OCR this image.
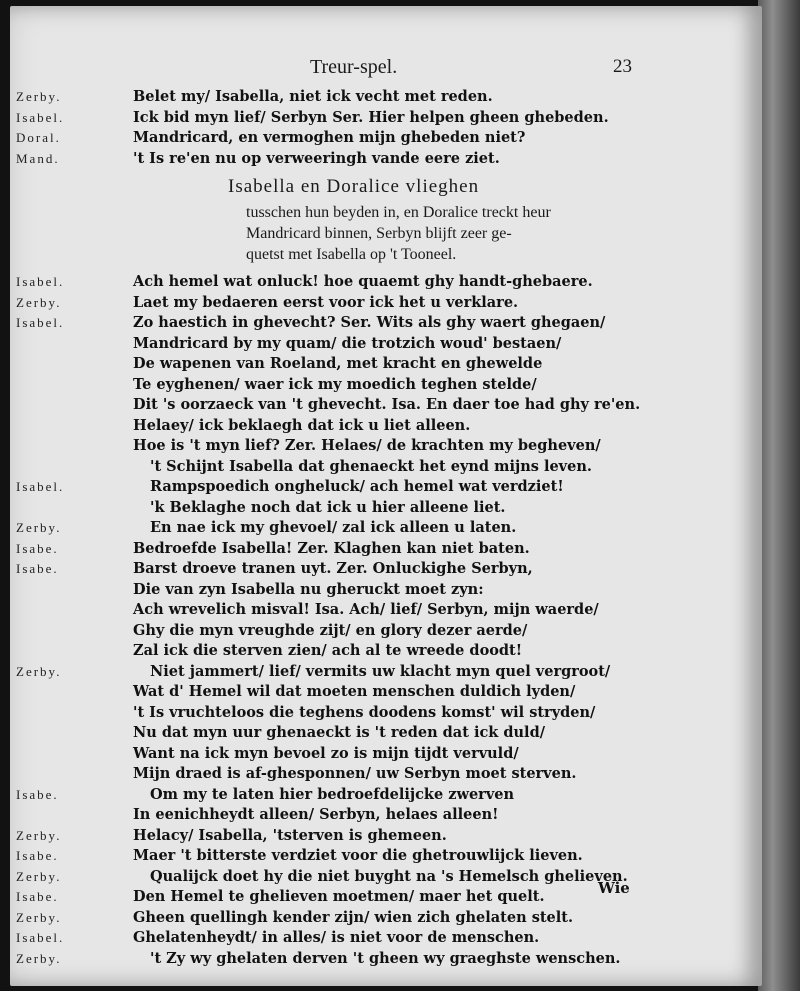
Treur-spel.	23
Zerby.	Belet my/ Isabella, niet ick vecht met reden.
Isabel.	Ick bid myn lief/ Serbyn Ser. Hier helpen gheen ghebeden.
Doral.	Mandricard, en vermoghen mijn ghebeden niet?
Mand.	't Is re'en nu op verweeringh vande eere ziet.
Isabella en Doralice vlieghen
tusschen hun beyden in, en Doralice treckt heur
Mandricard binnen, Serbyn blijft zeer ge-
quetst met Isabella op 't Tooneel.
Isabel.	Ach hemel wat onluck! hoe quaemt ghy handt-ghebaere.
Zerby.	Laet my bedaeren eerst voor ick het u verklare.
Isabel.	Zo haestich in ghevecht? Ser. Wits als ghy waert ghegaen/
Mandricard by my quam/ die trotzich woud' bestaen/
De wapenen van Roeland, met kracht en ghewelde
Te eyghenen/ waer ick my moedich teghen stelde/
Dit 's oorzaeck van 't ghevecht. Isa. En daer toe had ghy re'en.
Helaey/ ick beklaegh dat ick u liet alleen.
Hoe is 't myn lief? Zer. Helaes/ de krachten my begheven/
't Schijnt Isabella dat ghenaeckt het eynd mijns leven.
Isabel.	Rampspoedich ongheluck/ ach hemel wat verdziet!
'k Beklaghe noch dat ick u hier alleene liet.
Zerby.	En nae ick my ghevoel/ zal ick alleen u laten.
Isabe.	Bedroefde Isabella! Zer. Klaghen kan niet baten.
Isabe.	Barst droeve tranen uyt. Zer. Onluckighe Serbyn,
Die van zyn Isabella nu gheruckt moet zyn:
Ach wrevelich misval! Isa. Ach/ lief/ Serbyn, mijn waerde/
Ghy die myn vreughde zijt/ en glory dezer aerde/
Zal ick die sterven zien/ ach al te wreede doodt!
Zerby.	Niet jammert/ lief/ vermits uw klacht myn quel vergroot/
Wat d' Hemel wil dat moeten menschen duldich lyden/
't Is vruchteloos die teghens doodens komst' wil stryden/
Nu dat myn uur ghenaeckt is 't reden dat ick duld/
Want na ick myn bevoel zo is mijn tijdt vervuld/
Mijn draed is af-ghesponnen/ uw Serbyn moet sterven.
Isabe.	Om my te laten hier bedroefdelijcke zwerven
In eenichheydt alleen/ Serbyn, helaes alleen!
Zerby.	Helacy/ Isabella, 'tsterven is ghemeen.
Isabe.	Maer 't bitterste verdziet voor die ghetrouwlijck lieven.
Zerby.	Qualijck doet hy die niet buyght na 's Hemelsch ghelieven.
Isabe.	Den Hemel te ghelieven moetmen/ maer het quelt.
Zerby.	Gheen quellingh kender zijn/ wien zich ghelaten stelt.
Isabel.	Ghelatenheydt/ in alles/ is niet voor de menschen.
Zerby.	't Zy wy ghelaten derven 't gheen wy graeghste wenschen.
Wie
